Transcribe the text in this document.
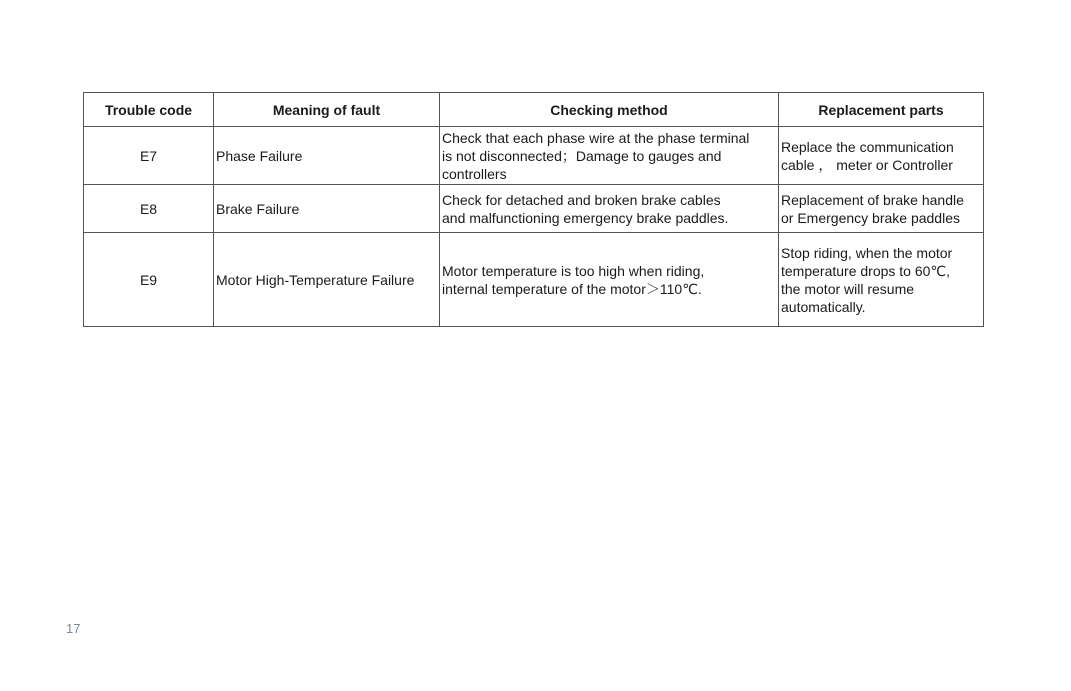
Trouble code	Meaning of fault	Checking method	Replacement parts
E7	Phase Failure	Check that each phase wire at the phase terminal
is not disconnected；Damage to gauges and
controllers	Replace the communication
cable ， meter or Controller
E8	Brake Failure	Check for detached and broken brake cables
and malfunctioning emergency brake paddles.	Replacement of brake handle
or Emergency brake paddles
E9	Motor High-Temperature Failure	Motor temperature is too high when riding,
internal temperature of the motor＞110℃.	Stop riding, when the motor
temperature drops to 60℃,
the motor will resume
automatically.
17
